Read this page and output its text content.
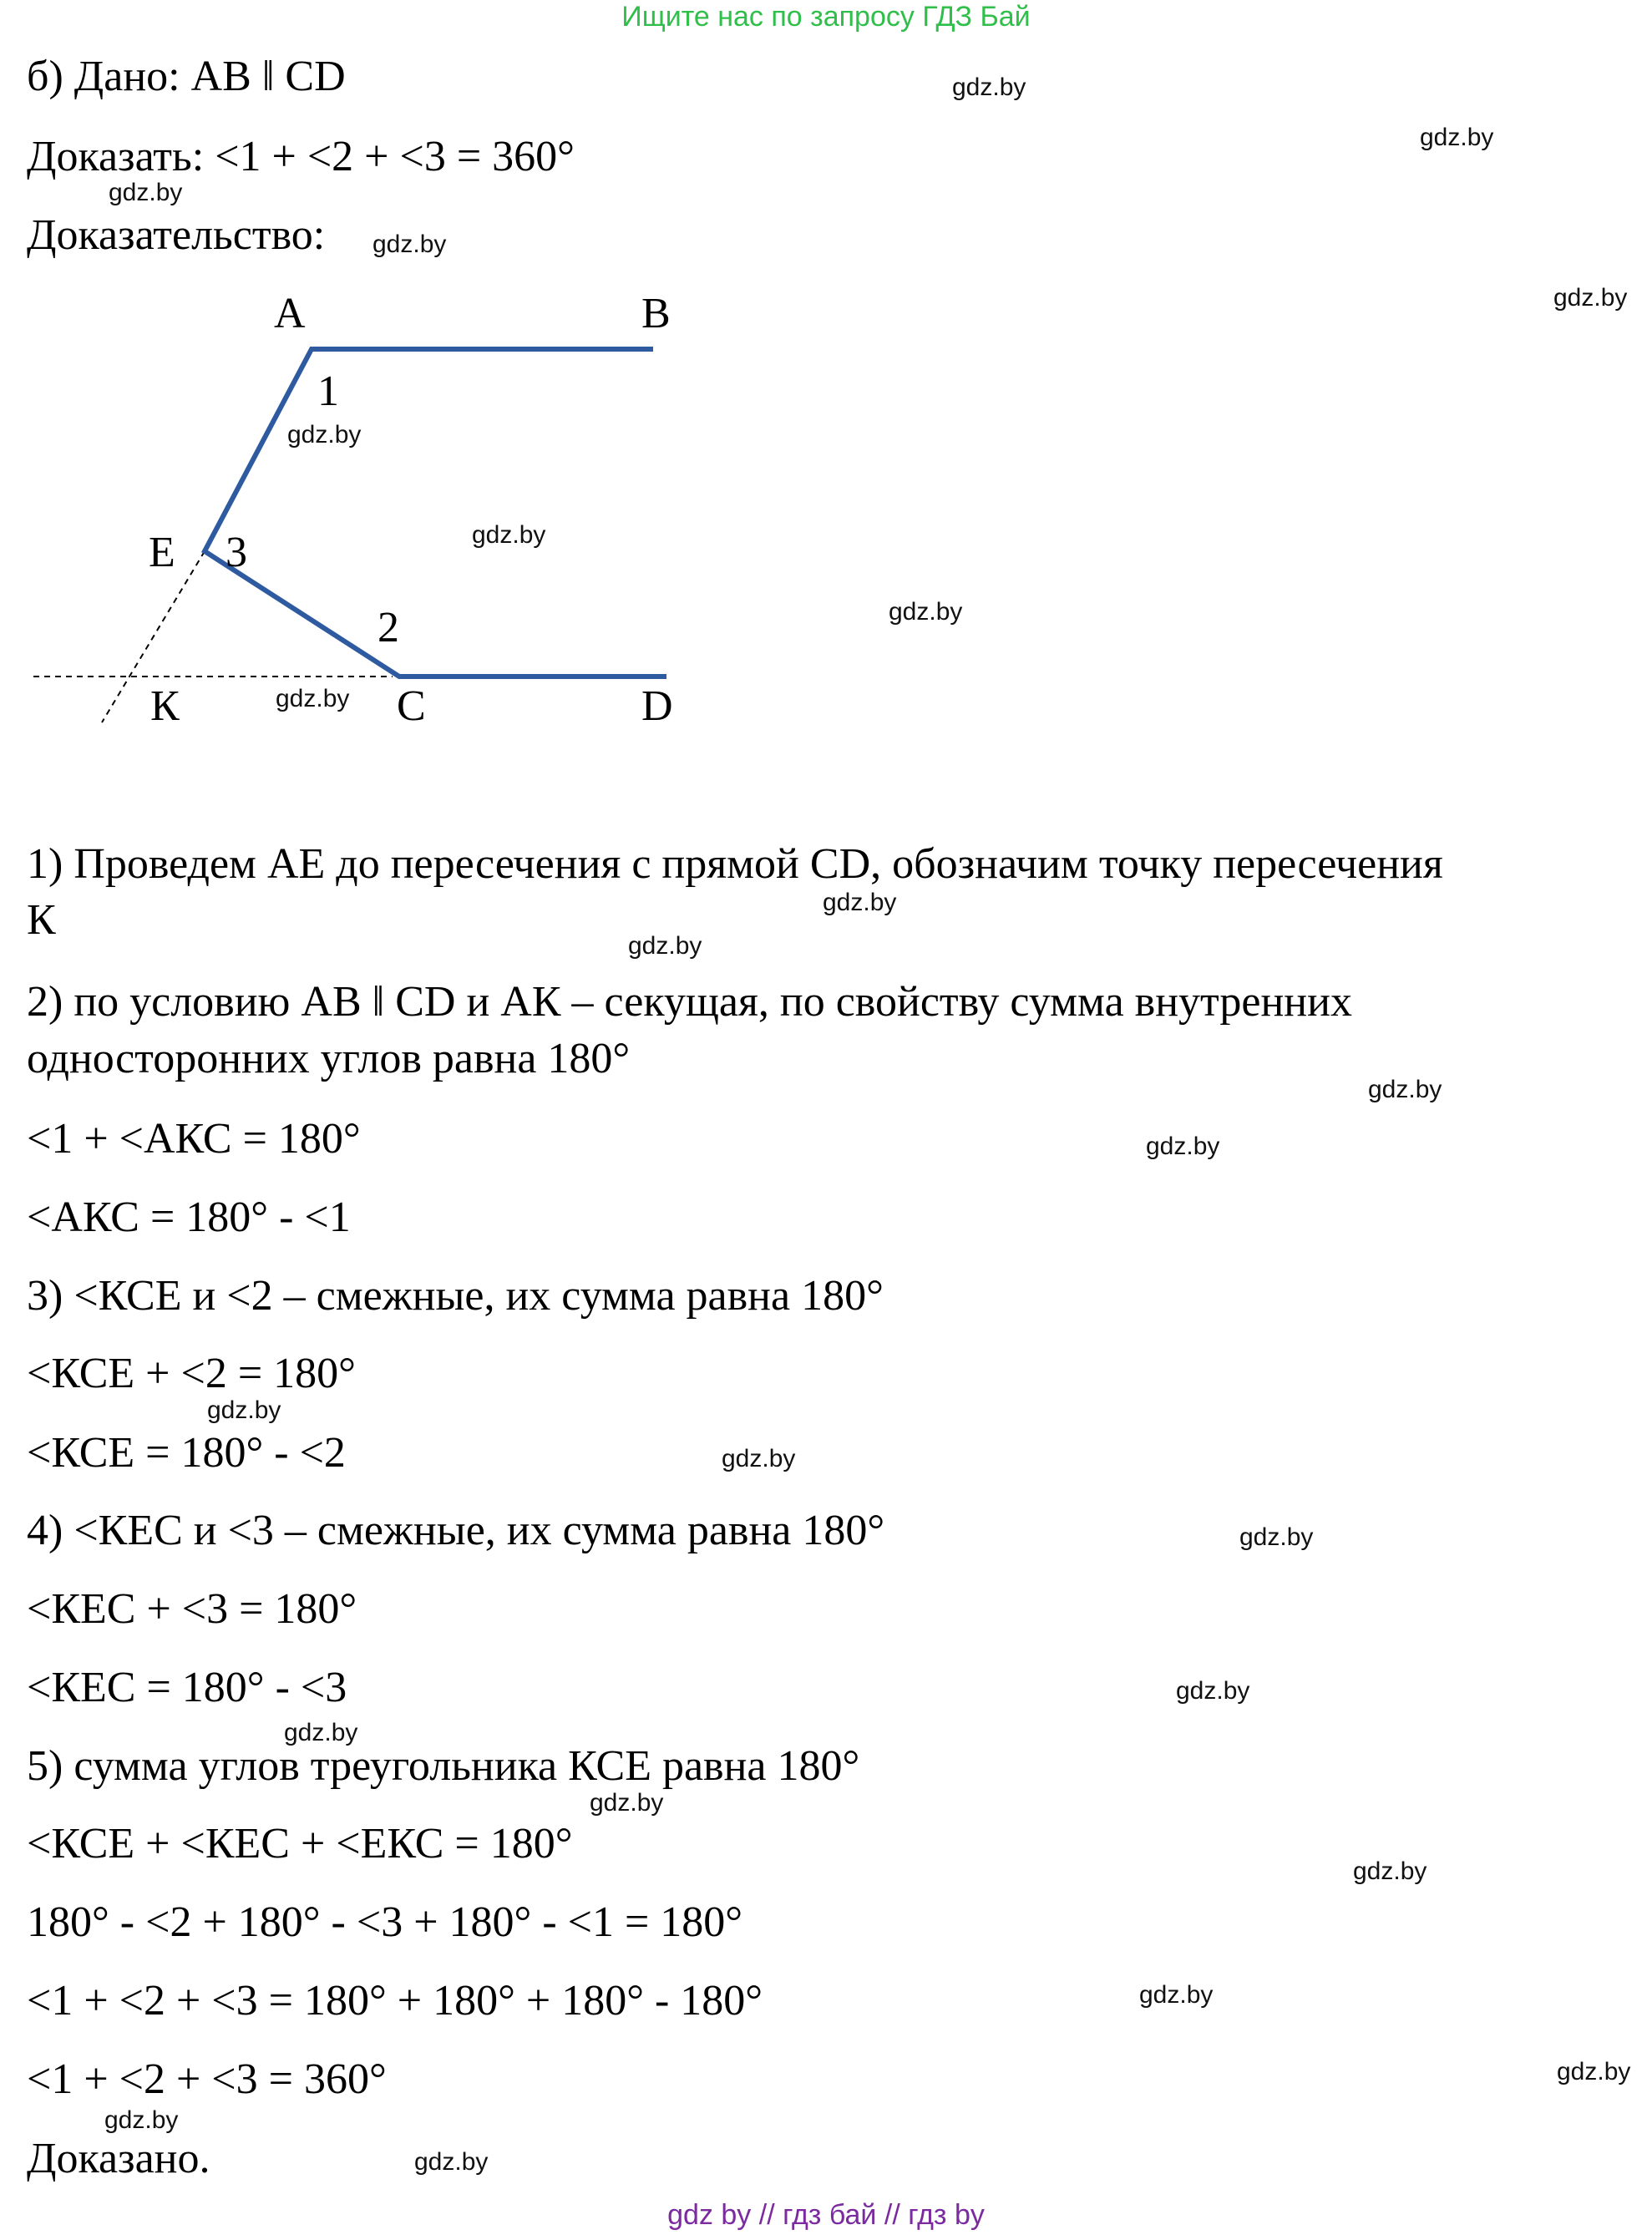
Ищите нас по запросу ГДЗ Бай
б) Дано: АВ ǁ СD
Доказать: <1 + <2 + <3 = 360°
Доказательство:
А	В
Е
К	С	D
1
3
2
1) Проведем АЕ до пересечения с прямой СD, обозначим точку пересечения
К
2) по условию АВ ǁ СD и АК – секущая, по свойству сумма внутренних
односторонних углов равна 180°
<1 + <АКС = 180°
<АКС = 180° - <1
3) <КСЕ и <2 – смежные, их сумма равна 180°
<КСЕ + <2 = 180°
<КСЕ = 180° - <2
4) <КЕС и <3 – смежные, их сумма равна 180°
<КЕС + <3 = 180°
<КЕС = 180° - <3
5) сумма углов треугольника КСЕ равна 180°
<КСЕ + <КЕС + <ЕКС = 180°
180° - <2 + 180° - <3 + 180° - <1 = 180°
<1 + <2 + <3 = 180° + 180° + 180° - 180°
<1 + <2 + <3 = 360°
Доказано.
gdz.by
gdz.by
gdz.by
gdz.by
gdz.by
gdz.by
gdz.by
gdz.by
gdz.by
gdz.by
gdz.by
gdz.by
gdz.by
gdz.by
gdz.by
gdz.by
gdz.by
gdz.by
gdz.by
gdz.by
gdz.by
gdz.by
gdz.by
gdz.by
gdz by // гдз бай // гдз by
